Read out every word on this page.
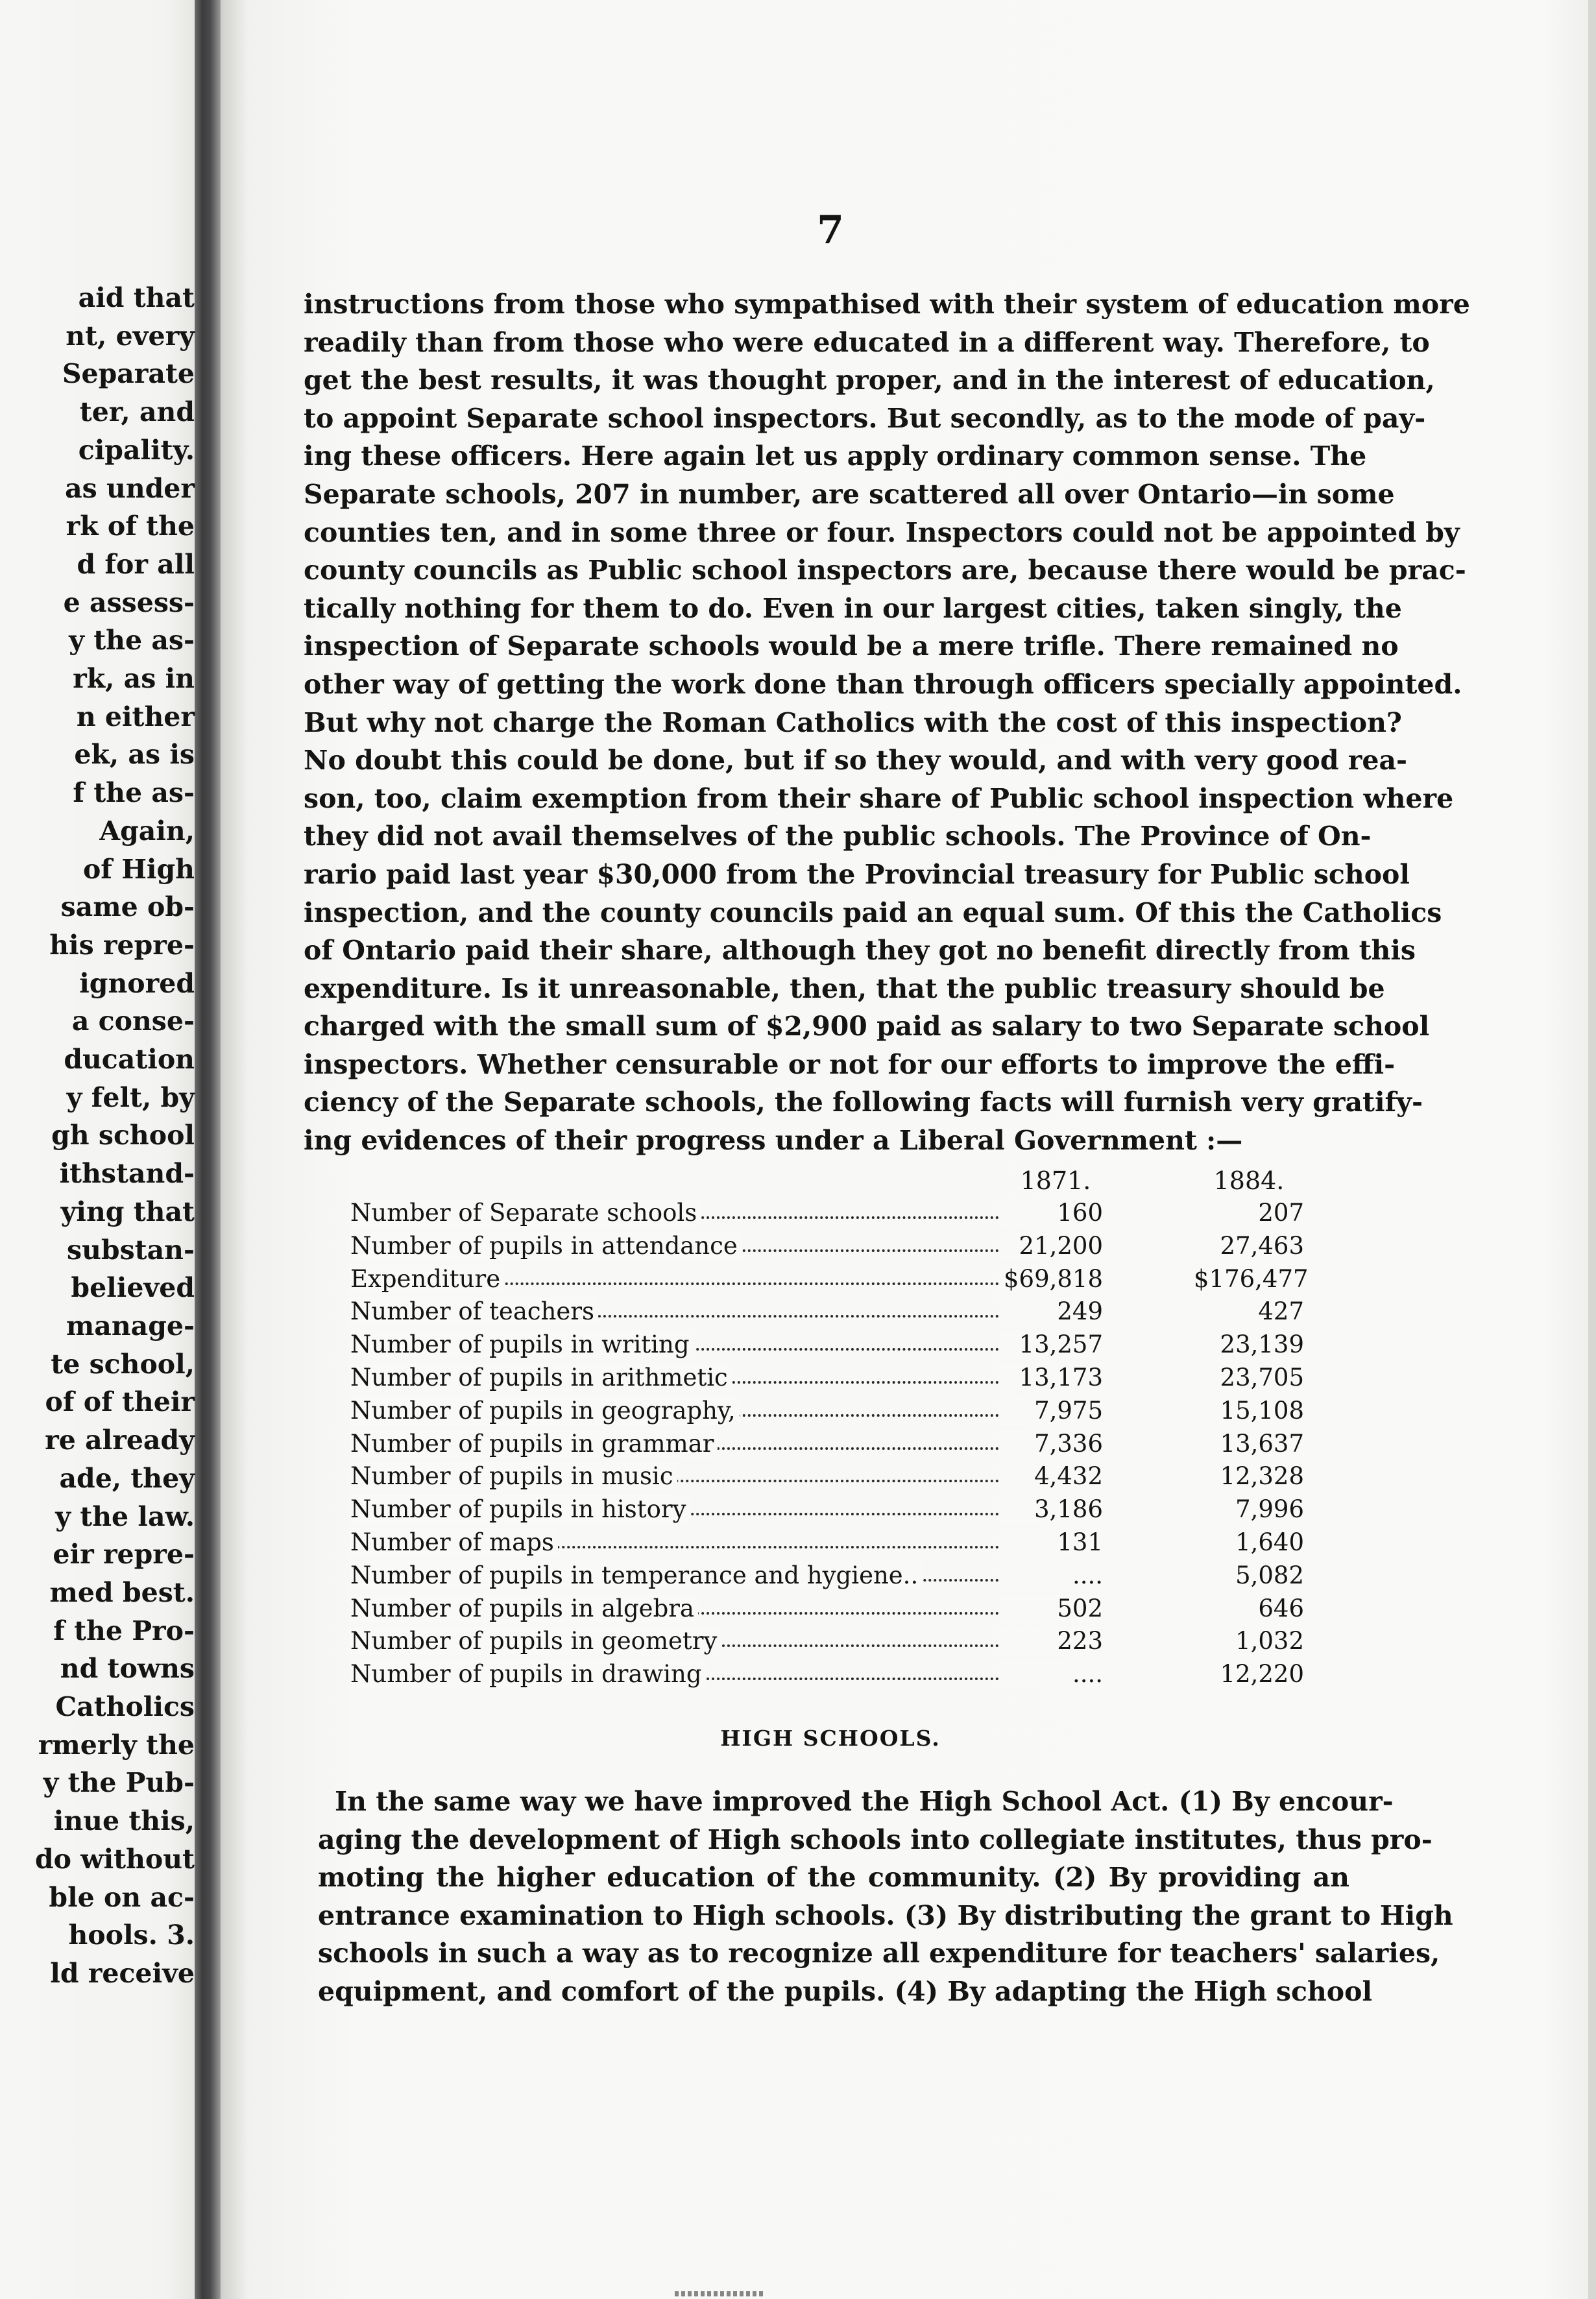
aid that
nt, every
Separate
ter, and
cipality.
as under
rk of the
d for all
e assess-
y the as-
rk, as in
n either
ek, as is
f the as-
Again,
of High
same ob-
his repre-
ignored
a conse-
ducation
y felt, by
gh school
ithstand-
ying that
substan-
believed
manage-
te school,
of of their
re already
ade, they
y the law.
eir repre-
med best.
f the Pro-
nd towns
Catholics
rmerly the
y the Pub-
inue this,
do without
ble on ac-
hools. 3.
ld receive
7
instructions from those who sympathised with their system of education more
readily than from those who were educated in a different way. Therefore, to
get the best results, it was thought proper, and in the interest of education,
to appoint Separate school inspectors. But secondly, as to the mode of pay-
ing these officers. Here again let us apply ordinary common sense. The
Separate schools, 207 in number, are scattered all over Ontario—in some
counties ten, and in some three or four. Inspectors could not be appointed by
county councils as Public school inspectors are, because there would be prac-
tically nothing for them to do. Even in our largest cities, taken singly, the
inspection of Separate schools would be a mere trifle. There remained no
other way of getting the work done than through officers specially appointed.
But why not charge the Roman Catholics with the cost of this inspection?
No doubt this could be done, but if so they would, and with very good rea-
son, too, claim exemption from their share of Public school inspection where
they did not avail themselves of the public schools. The Province of On-
rario paid last year $30,000 from the Provincial treasury for Public school
inspection, and the county councils paid an equal sum. Of this the Catholics
of Ontario paid their share, although they got no benefit directly from this
expenditure. Is it unreasonable, then, that the public treasury should be
charged with the small sum of $2,900 paid as salary to two Separate school
inspectors. Whether censurable or not for our efforts to improve the effi-
ciency of the Separate schools, the following facts will furnish very gratify-
ing evidences of their progress under a Liberal Government :—
1871.	1884.
Number of Separate schools	160	207
Number of pupils in attendance	21,200	27,463
Expenditure	$69,818	$176,477
Number of teachers	249	427
Number of pupils in writing	13,257	23,139
Number of pupils in arithmetic	13,173	23,705
Number of pupils in geography,	7,975	15,108
Number of pupils in grammar	7,336	13,637
Number of pupils in music	4,432	12,328
Number of pupils in history	3,186	7,996
Number of maps	131	1,640
Number of pupils in temperance and hygiene..	....	5,082
Number of pupils in algebra	502	646
Number of pupils in geometry	223	1,032
Number of pupils in drawing	....	12,220
HIGH SCHOOLS.
In the same way we have improved the High School Act. (1) By encour-
aging the development of High schools into collegiate institutes, thus pro-
moting the higher education of the community. (2) By providing an
entrance examination to High schools. (3) By distributing the grant to High
schools in such a way as to recognize all expenditure for teachers' salaries,
equipment, and comfort of the pupils. (4) By adapting the High school
